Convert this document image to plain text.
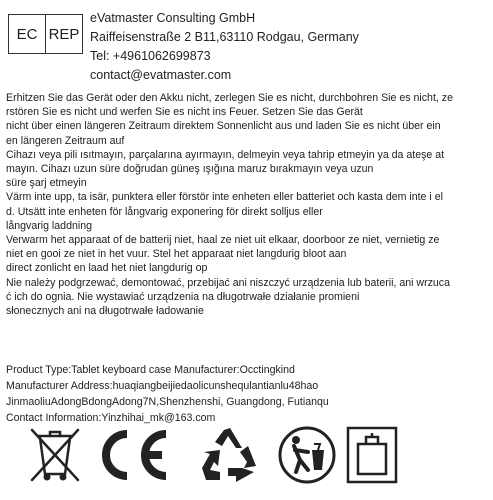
EC REP
eVatmaster Consulting GmbH
Raiffeisenstraße 2 B11,63110 Rodgau, Germany
Tel: +4961062699873
contact@evatmaster.com
Erhitzen Sie das Gerät oder den Akku nicht, zerlegen Sie es nicht, durchbohren Sie es nicht, ze
rstören Sie es nicht und werfen Sie es nicht ins Feuer. Setzen Sie das Gerät
nicht über einen längeren Zeitraum direktem Sonnenlicht aus und laden Sie es nicht über ein
en längeren Zeitraum auf
Cihazı veya pili ısıtmayın, parçalarına ayırmayın, delmeyin veya tahrip etmeyin ya da ateşe at
mayın. Cihazı uzun süre doğrudan güneş ışığına maruz bırakmayın veya uzun
süre şarj etmeyin
Värm inte upp, ta isär, punktera eller förstör inte enheten eller batteriet och kasta dem inte i el
d. Utsätt inte enheten för långvarig exponering för direkt solljus eller
långvarig laddning
Verwarm het apparaat of de batterij niet, haal ze niet uit elkaar, doorboor ze niet, vernietig ze
niet en gooi ze niet in het vuur. Stel het apparaat niet langdurig bloot aan
direct zonlicht en laad het niet langdurig op
Nie należy podgrzewać, demontować, przebijać ani niszczyć urządzenia lub baterii, ani wrzuca
ć ich do ognia. Nie wystawiać urządzenia na długotrwałe działanie promieni
słonecznych ani na długotrwałe ładowanie
Product Type:Tablet keyboard case Manufacturer:Occtingkind
Manufacturer Address:huaqiangbeijiedaolicunshequlantianlu48hao
JinmaoliuAdongBdongAdong7N,Shenzhenshi, Guangdong, Futianqu
Contact Information:Yinzhihai_mk@163.com
